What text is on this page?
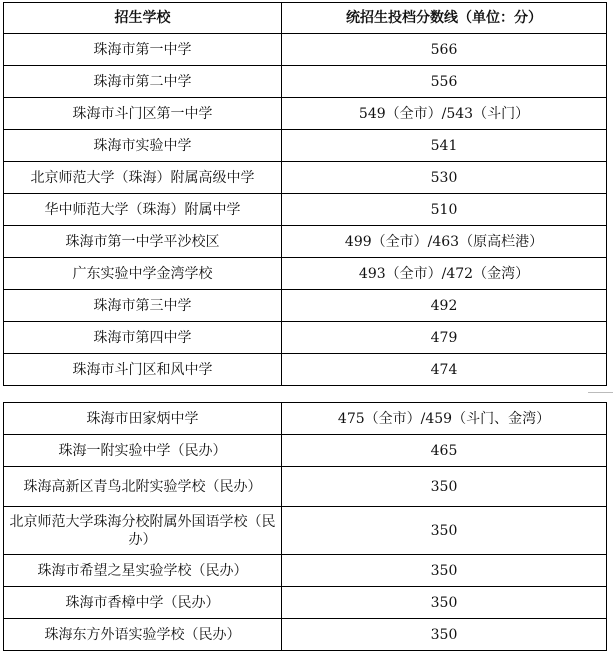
招生学校	统招生投档分数线（单位：分）
珠海市第一中学	566
珠海市第二中学	556
珠海市斗门区第一中学	549（全市）/543（斗门）
珠海市实验中学	541
北京师范大学（珠海）附属高级中学	530
华中师范大学（珠海）附属中学	510
珠海市第一中学平沙校区	499（全市）/463（原高栏港）
广东实验中学金湾学校	493（全市）/472（金湾）
珠海市第三中学	492
珠海市第四中学	479
珠海市斗门区和风中学	474
珠海市田家炳中学	475（全市）/459（斗门、金湾）
珠海一附实验中学（民办）	465
珠海高新区青鸟北附实验学校（民办）	350
北京师范大学珠海分校附属外国语学校（民办）	350
珠海市希望之星实验学校（民办）	350
珠海市香樟中学（民办）	350
珠海东方外语实验学校（民办）	350
